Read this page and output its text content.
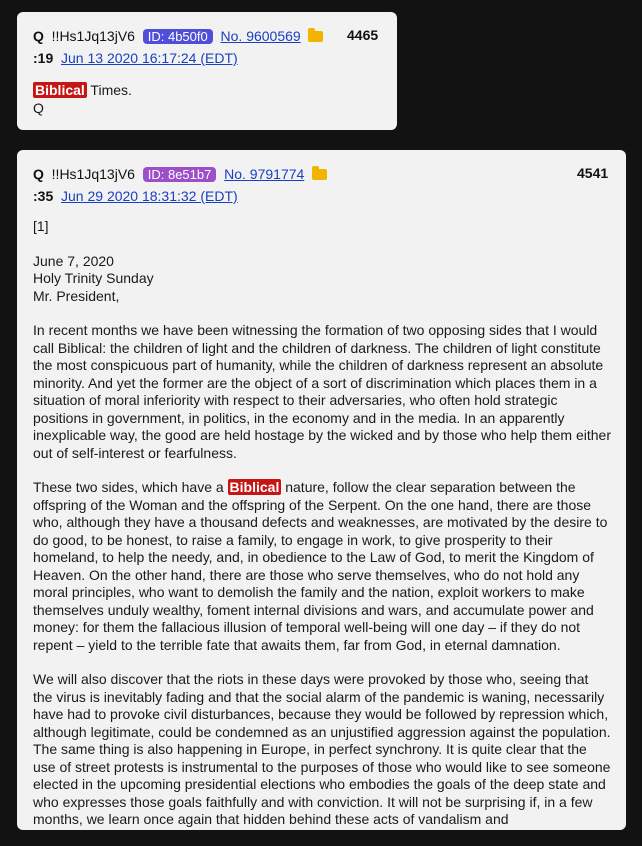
Q !!Hs1Jq13jV6 ID: 4b50f0 No. 9600569	4465
:19 Jun 13 2020 16:17:24 (EDT)
Biblical Times.
Q
Q !!Hs1Jq13jV6 ID: 8e51b7 No. 9791774	4541
:35 Jun 29 2020 18:31:32 (EDT)

[1]

June 7, 2020
Holy Trinity Sunday
Mr. President,

In recent months we have been witnessing the formation of two opposing sides that I would call Biblical: the children of light and the children of darkness. The children of light constitute the most conspicuous part of humanity, while the children of darkness represent an absolute minority. And yet the former are the object of a sort of discrimination which places them in a situation of moral inferiority with respect to their adversaries, who often hold strategic positions in government, in politics, in the economy and in the media. In an apparently inexplicable way, the good are held hostage by the wicked and by those who help them either out of self-interest or fearfulness.

These two sides, which have a Biblical nature, follow the clear separation between the offspring of the Woman and the offspring of the Serpent. On the one hand, there are those who, although they have a thousand defects and weaknesses, are motivated by the desire to do good, to be honest, to raise a family, to engage in work, to give prosperity to their homeland, to help the needy, and, in obedience to the Law of God, to merit the Kingdom of Heaven. On the other hand, there are those who serve themselves, who do not hold any moral principles, who want to demolish the family and the nation, exploit workers to make themselves unduly wealthy, foment internal divisions and wars, and accumulate power and money: for them the fallacious illusion of temporal well-being will one day – if they do not repent – yield to the terrible fate that awaits them, far from God, in eternal damnation.

We will also discover that the riots in these days were provoked by those who, seeing that the virus is inevitably fading and that the social alarm of the pandemic is waning, necessarily have had to provoke civil disturbances, because they would be followed by repression which, although legitimate, could be condemned as an unjustified aggression against the population. The same thing is also happening in Europe, in perfect synchrony. It is quite clear that the use of street protests is instrumental to the purposes of those who would like to see someone elected in the upcoming presidential elections who embodies the goals of the deep state and who expresses those goals faithfully and with conviction. It will not be surprising if, in a few months, we learn once again that hidden behind these acts of vandalism and
